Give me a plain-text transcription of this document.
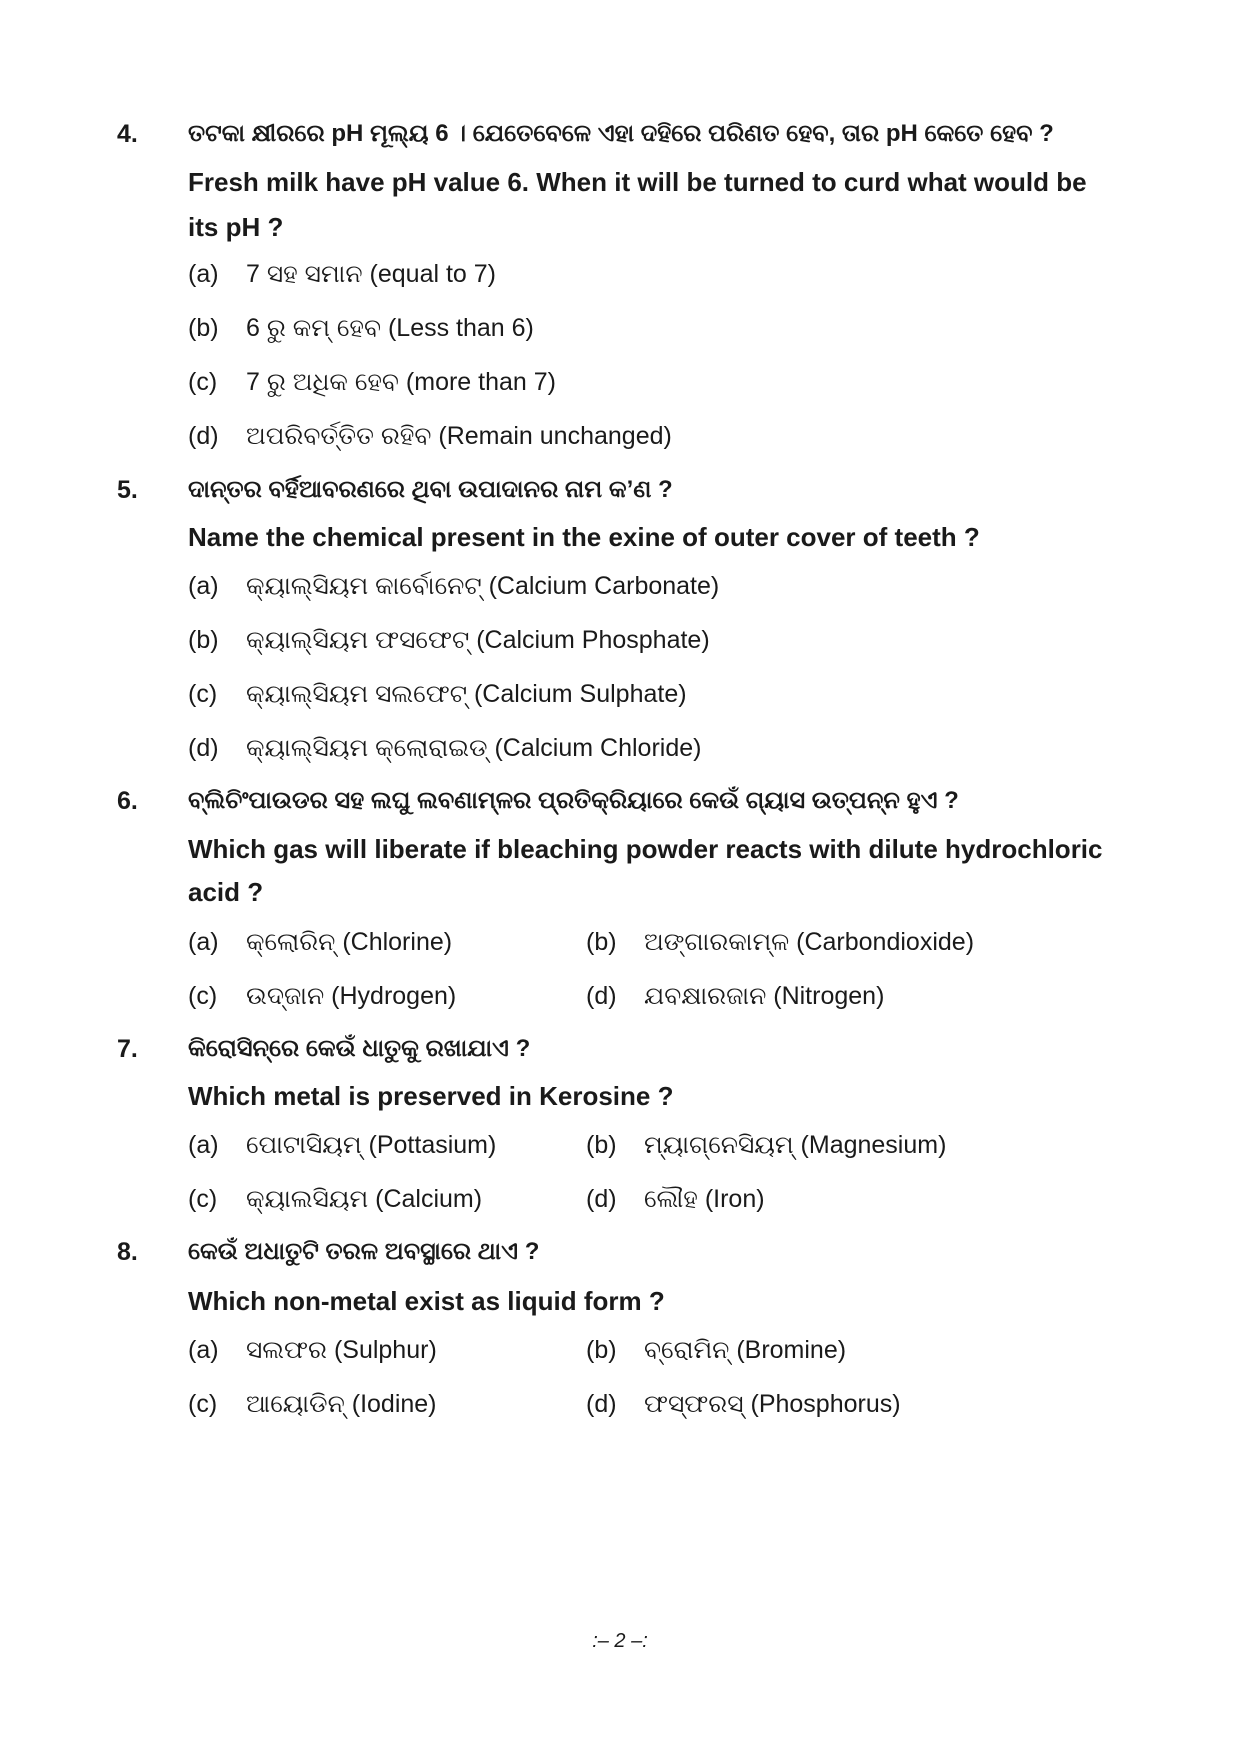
4. ତଟକା କ୍ଷୀରରେ pH ମୂଲ୍ୟ 6 । ଯେତେବେଳେ ଏହା ଦହିରେ ପରିଣତ ହେବ, ତାର pH କେତେ ହେବ ?
Fresh milk have pH value 6. When it will be turned to curd what would be
its pH ?
(a) 7 ସହ ସମାନ (equal to 7)
(b) 6 ରୁ କମ୍ ହେବ (Less than 6)
(c) 7 ରୁ ଅଧିକ ହେବ (more than 7)
(d) ଅପରିବର୍ତ୍ତିତ ରହିବ (Remain unchanged)
5. ଦାନ୍ତର ବର୍ହିଆବରଣରେ ଥିବା ଉପାଦାନର ନାମ କ’ଣ ?
Name the chemical present in the exine of outer cover of teeth ?
(a) କ୍ୟାଲ୍‌ସିୟମ କାର୍ବୋନେଟ୍ (Calcium Carbonate)
(b) କ୍ୟାଲ୍‌ସିୟମ ଫସଫେଟ୍ (Calcium Phosphate)
(c) କ୍ୟାଲ୍‌ସିୟମ ସଲଫେଟ୍ (Calcium Sulphate)
(d) କ୍ୟାଲ୍‌ସିୟମ କ୍ଲୋରାଇଡ୍ (Calcium Chloride)
6. ବ୍ଲିଚିଂପାଉଡର ସହ ଲଘୁ ଲବଣାମ୍ଳର ପ୍ରତିକ୍ରିୟାରେ କେଉଁ ଗ୍ୟାସ ଉତ୍ପନ୍ନ ହୁଏ ?
Which gas will liberate if bleaching powder reacts with dilute hydrochloric
acid ?
(a) କ୍ଲୋରିନ୍ (Chlorine)	(b) ଅଙ୍ଗାରକାମ୍ଳ (Carbondioxide)
(c) ଉଦ୍‌ଜାନ (Hydrogen)	(d) ଯବକ୍ଷାରଜାନ (Nitrogen)
7. କିରୋସିନ୍‌ରେ କେଉଁ ଧାତୁକୁ ରଖାଯାଏ ?
Which metal is preserved in Kerosine ?
(a) ପୋଟାସିୟମ୍ (Pottasium)	(b) ମ୍ୟାଗ୍ନେସିୟମ୍ (Magnesium)
(c) କ୍ୟାଲସିୟମ (Calcium)	(d) ଲୌହ (Iron)
8. କେଉଁ ଅଧାତୁଟି ତରଳ ଅବସ୍ଥାରେ ଥାଏ ?
Which non-metal exist as liquid form ?
(a) ସଲଫର (Sulphur)	(b) ବ୍ରୋମିନ୍ (Bromine)
(c) ଆୟୋଡିନ୍ (Iodine)	(d) ଫସ୍‌ଫରସ୍ (Phosphorus)
:– 2 –:
